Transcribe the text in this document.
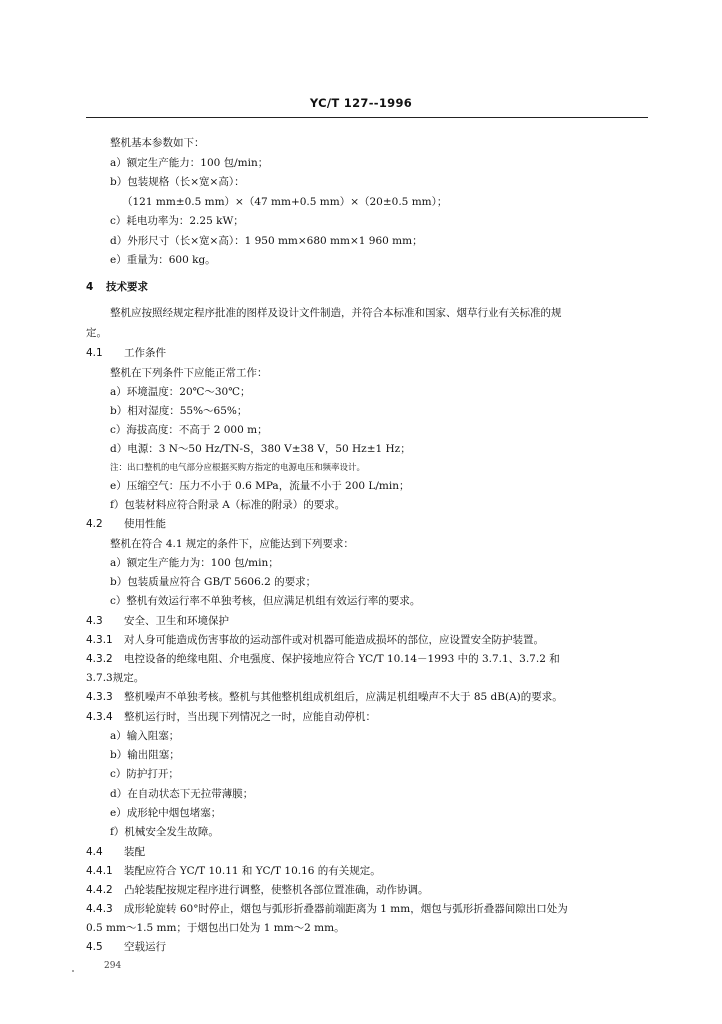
YC/T 127--1996
整机基本参数如下：
a）额定生产能力：100 包/min；
b）包装规格（长×宽×高）：
（121 mm±0.5 mm）×（47 mm+0.5 mm）×（20±0.5 mm）；
c）耗电功率为：2.25 kW；
d）外形尺寸（长×宽×高）：1 950 mm×680 mm×1 960 mm；
e）重量为：600 kg。
4 技术要求
整机应按照经规定程序批准的图样及设计文件制造，并符合本标准和国家、烟草行业有关标准的规
定。
4.1 工作条件
整机在下列条件下应能正常工作：
a）环境温度：20℃～30℃；
b）相对湿度：55%～65%；
c）海拔高度：不高于 2 000 m；
d）电源：3 N～50 Hz/TN-S，380 V±38 V，50 Hz±1 Hz；
注：出口整机的电气部分应根据买购方指定的电源电压和频率设计。
e）压缩空气：压力不小于 0.6 MPa，流量不小于 200 L/min；
f）包装材料应符合附录 A（标准的附录）的要求。
4.2 使用性能
整机在符合 4.1 规定的条件下，应能达到下列要求：
a）额定生产能力为：100 包/min；
b）包装质量应符合 GB/T 5606.2 的要求；
c）整机有效运行率不单独考核，但应满足机组有效运行率的要求。
4.3 安全、卫生和环境保护
4.3.1 对人身可能造成伤害事故的运动部件或对机器可能造成损坏的部位，应设置安全防护装置。
4.3.2 电控设备的绝缘电阻、介电强度、保护接地应符合 YC/T 10.14－1993 中的 3.7.1、3.7.2 和
3.7.3规定。
4.3.3 整机噪声不单独考核。整机与其他整机组成机组后，应满足机组噪声不大于 85 dB(A)的要求。
4.3.4 整机运行时，当出现下列情况之一时，应能自动停机：
a）输入阻塞；
b）输出阻塞；
c）防护打开；
d）在自动状态下无拉带薄膜；
e）成形轮中烟包堵塞；
f）机械安全发生故障。
4.4 装配
4.4.1 装配应符合 YC/T 10.11 和 YC/T 10.16 的有关规定。
4.4.2 凸轮装配按规定程序进行调整，使整机各部位置准确，动作协调。
4.4.3 成形轮旋转 60°时停止，烟包与弧形折叠器前端距离为 1 mm，烟包与弧形折叠器间隙出口处为
0.5 mm～1.5 mm；于烟包出口处为 1 mm～2 mm。
4.5 空载运行
294
